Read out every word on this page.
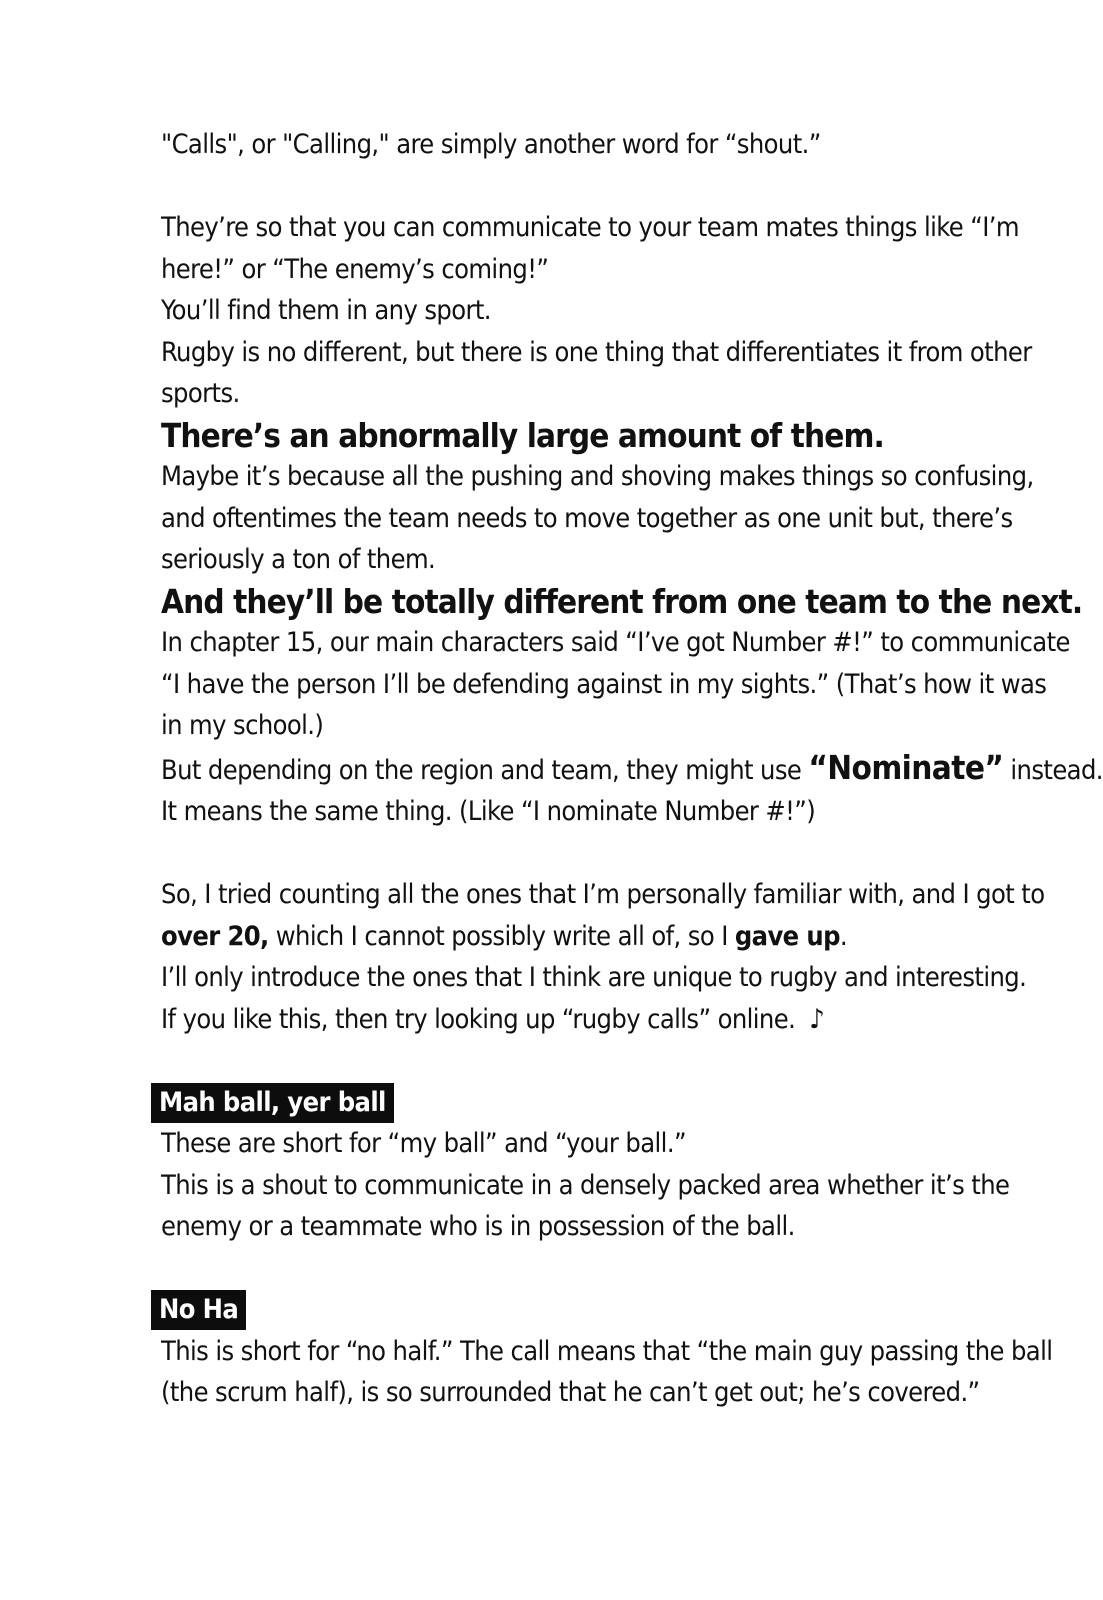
"Calls", or "Calling," are simply another word for “shout.”
They’re so that you can communicate to your team mates things like “I’m
here!” or “The enemy’s coming!”
You’ll find them in any sport.
Rugby is no different, but there is one thing that differentiates it from other
sports.
There’s an abnormally large amount of them.
Maybe it’s because all the pushing and shoving makes things so confusing,
and oftentimes the team needs to move together as one unit but, there’s
seriously a ton of them.
And they’ll be totally different from one team to the next.
In chapter 15, our main characters said “I’ve got Number #!” to communicate
“I have the person I’ll be defending against in my sights.” (That’s how it was
in my school.)
But depending on the region and team, they might use “Nominate” instead.
It means the same thing. (Like “I nominate Number #!”)
So, I tried counting all the ones that I’m personally familiar with, and I got to
over 20, which I cannot possibly write all of, so I gave up.
I’ll only introduce the ones that I think are unique to rugby and interesting.
If you like this, then try looking up “rugby calls” online. ♪
Mah ball, yer ball
These are short for “my ball” and “your ball.”
This is a shout to communicate in a densely packed area whether it’s the
enemy or a teammate who is in possession of the ball.
No Ha
This is short for “no half.” The call means that “the main guy passing the ball
(the scrum half), is so surrounded that he can’t get out; he’s covered.”
